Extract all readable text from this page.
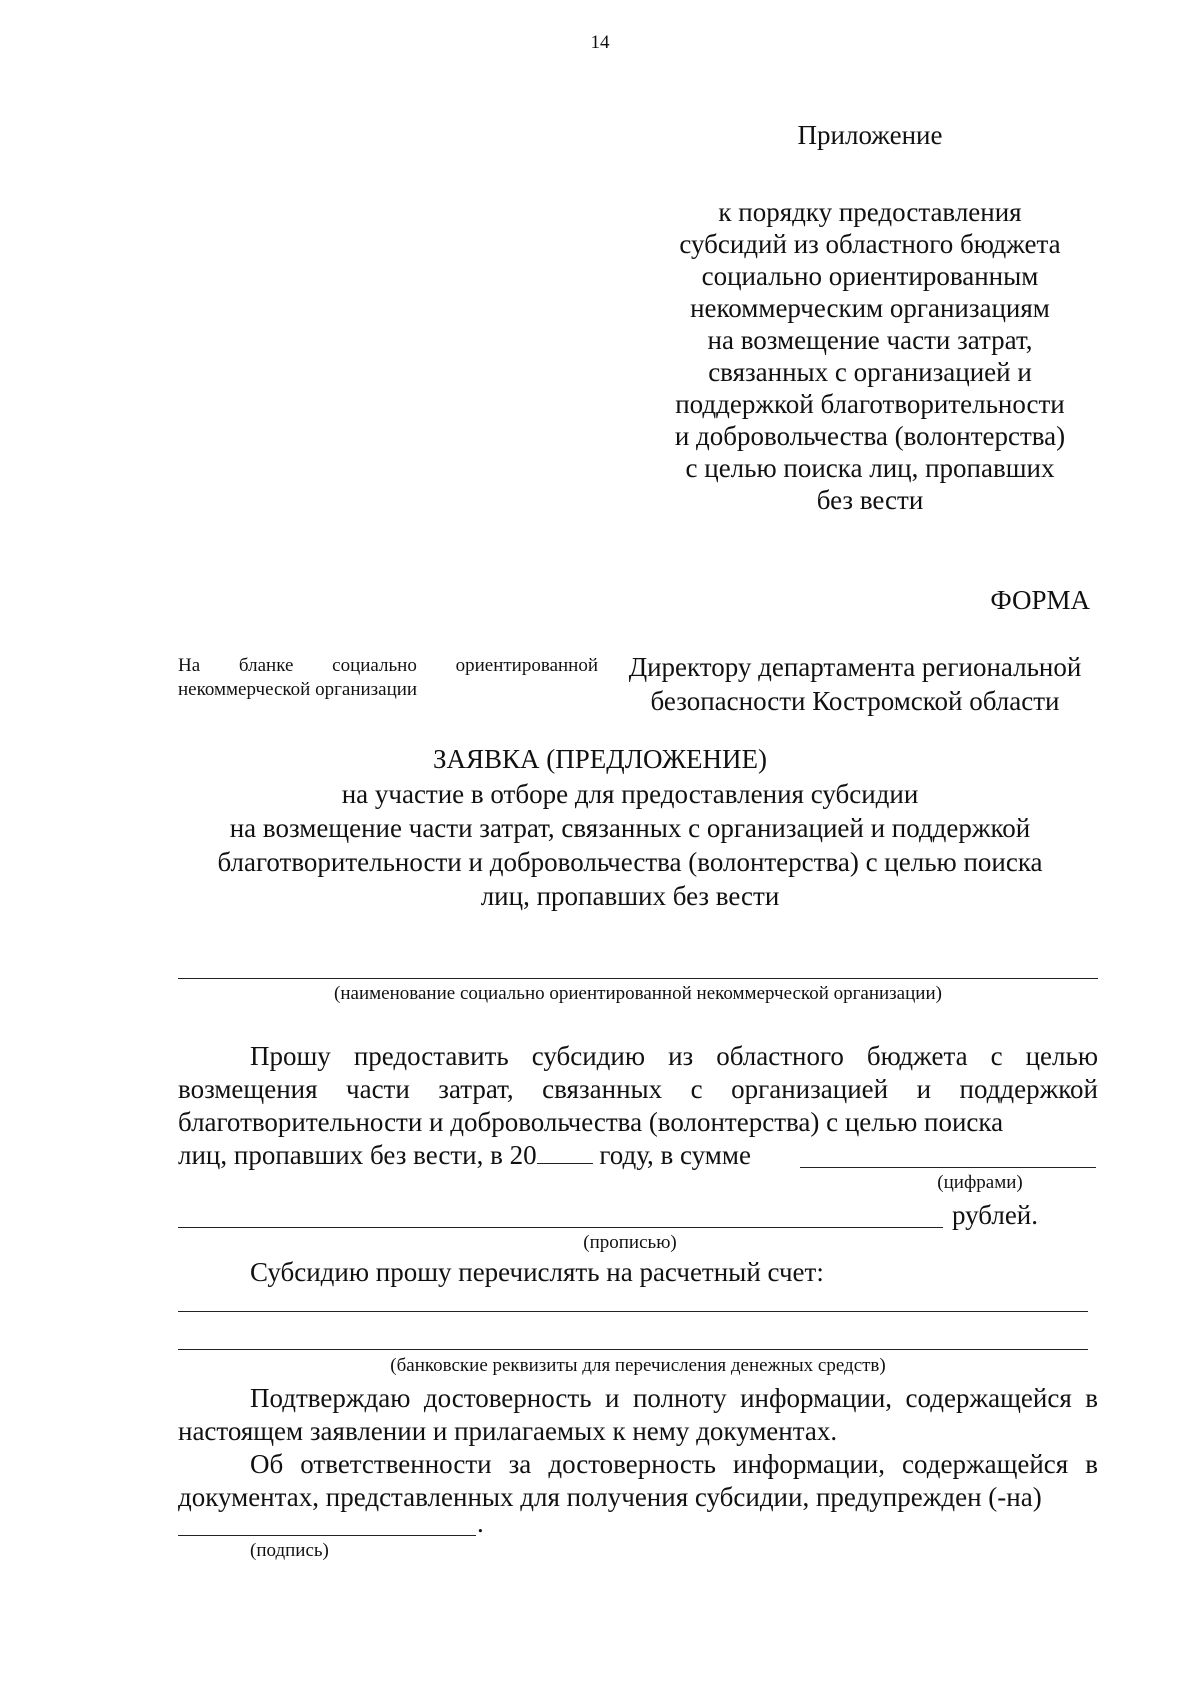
14
Приложение
к порядку предоставления
субсидий из областного бюджета
социально ориентированным
некоммерческим организациям
на возмещение части затрат,
связанных с организацией и
поддержкой благотворительности
и добровольчества (волонтерства)
с целью поиска лиц, пропавших
без вести
ФОРМА
На бланке социально ориентированной некоммерческой организации
Директору департамента региональной
безопасности Костромской области
ЗАЯВКА (ПРЕДЛОЖЕНИЕ)
на участие в отборе для предоставления субсидии
на возмещение части затрат, связанных с организацией и поддержкой
благотворительности и добровольчества (волонтерства) с целью поиска
лиц, пропавших без вести
(наименование социально ориентированной некоммерческой организации)
Прошу предоставить субсидию из областного бюджета с целью возмещения части затрат, связанных с организацией и поддержкой благотворительности и добровольчества (волонтерства) с целью поиска
лиц, пропавших без вести, в 20 году, в сумме
(цифрами)
рублей.
(прописью)
Субсидию прошу перечислять на расчетный счет:
(банковские реквизиты для перечисления денежных средств)
Подтверждаю достоверность и полноту информации, содержащейся в настоящем заявлении и прилагаемых к нему документах.
Об ответственности за достоверность информации, содержащейся в документах, представленных для получения субсидии, предупрежден (-на)
.
(подпись)
